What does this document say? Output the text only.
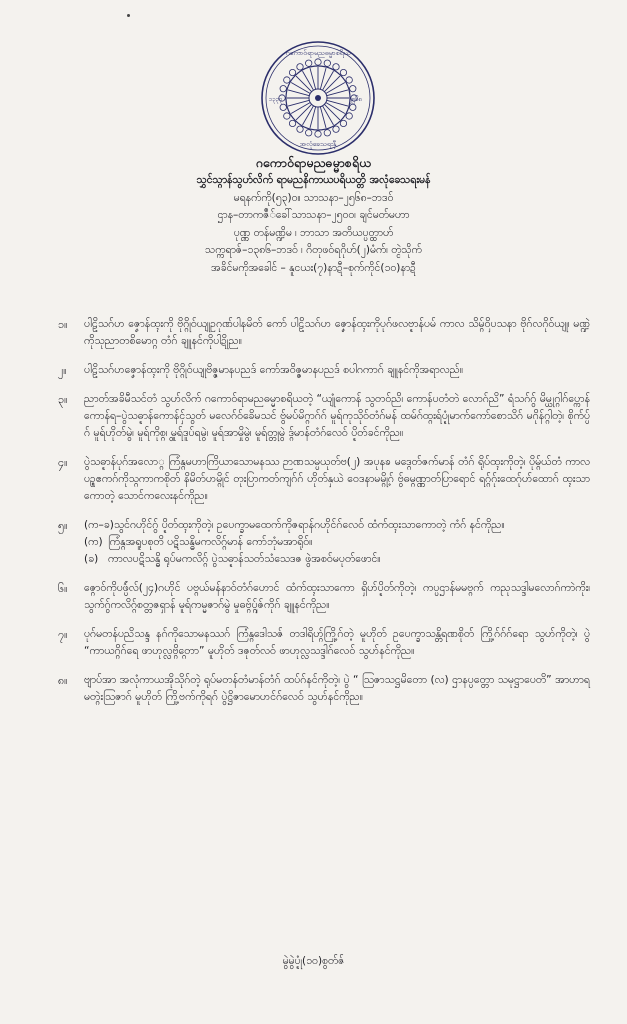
ဂကောဝ်ရာမညဓမ္မာစရိယ
၁၃၃၃	၂၅၆၈
အလုံခေသရးနှီ
ဂကောဝ်ရာမညဓမ္မာစရိယ
သွှင်သ္ဂာန်သွဟ်လိက် ရာမညနိကာယပရိယတ္တိ အလုံခေသရးမန်
မရနက်ကို(၅၃)ဝ။ သာသနာ–၂၅၆၈–ဘဒဝ်
ဌာန–တာကဇဳ်ခေါ်သာသနာ–၂၅ဝဝ၊ ချင်မတ်မဟာ
ပုဏ္ဏ တန်မဏ္ဍိမ ၊ ဘာသာ အတိယပ္ပတ္ထာဟ်
သက္ကရာဇ်–၁၃၈၆–ဘဒဝ် ၊ ဂိတုဖဝ်ရဂိုဟ်(၂)မံက်၊ တ္ငဲသိုက်
အခိင်မကိုအခေါင် – နူငယး(၇)နာဍီ–စုက်ကိုင်(၁ဝ)နာဍီ
၁။	ပါဠိသဂ်ဟ ဇၞောန်ထ္ၚးကို ဗိုဂ္ဂိုဝ်ယျုဥဂုဏ်ပါနမိတ် ကော် ပါဠိသဂ်ဟ ဇၞောန်ထ္ၚးကိုပုဂ်ဖလဗ္ဍာန်ပမ် ကာလ သိမ္ဂှ်ဝိပသနာ ဗိုဂ်လဂိုဝ်ယျု၊ မဏ္ဍဲကိုသုညာတစိမောဂ္ဂ တံဂ် ချူနင်ကိုပါဍိုည။
၂။	ပါဠိသဂ်ဟဇၞောန်ထ္ၚးကို ဗိုဂ္ဂိုဝ်ယျုဗိဇ္ဇမာနပညဒ် ကော်အဝိဇ္ဇမာနပညဒ် စပါဂကာဂ် ချူနင်ကိုအရာလည်။
၃။	ညာတ်အခိမီသင်တံ သွဟ်လိက် ဂကောဝ်ရာမညဓမ္မာစရိယတဲ့ “ယျုံကောန် သွတဝ်ညိ၊ ကောန်ပတံတဲ လောဂ်ညိ” ရံသဂ်ဂွ် မိမ္ယုဂ္ဂါဂ်ပ္ကောန်ကောန်ရ–ပွဲသဓ္ဍာန်ကောန်ငှ်သွတ် မလေဂ်ဝ်ခေိမသင် ဗွ်မပ်မိဂ္ဂာဂ်ဂ် မူရ်ကုသိုဝ်တံဂ်မန် ထမ်ဂ်ထ္ဂးရ်ပ္ဍုံမာက်ကော်စောသိဂ် မဂိုန်ဂ္ဂါတဲ့၊ စိုက်ပ္ပ်ဂ် မူရ်ဟိုတ်မွဲ၊ မူရ်ကိုစ္ဂွ၊ မူရ်ဒူပ်ရမွဲ၊ မူရ်အာမှိုမွဲ၊ မူရ်တ္တုမွဲ ဒ္ဂ်မာန်တံဂ်လေဝ် ပ္ဍိတ်ခင်ကိုည။
၄။	ပွဲသဓ္ဍာန်ပုဂ်အလော္ဂ ကြံန္ဂမဟာကြိယာသောမနဿ ဉာဏသမ္ပယုတ်ဗ(၂) အပုနၶ မဒ္ဂေတ်ဇက်မာန် တံဂ် ရိုပ်ထ္ၚးကိုတဲ့၊ ပိုမ္ဂ်ယ်တံ ကာလပဉ္စဧကဂ်ကိုသ္ဂကာကစိုတ် နိမိတ်ဟမ္ဂိုင် တုးပြာကတ်ကျဂ်ဂ် ဟိုတ်နှယဲ ဝေဒနာမမ္ဂို့ဂ် ဗွ်ဓမ္ဂဏ္ဏာတ်ပြာရောင် ရဂ္ဂ်ဂ်ုးထေဂ်ုဟ်ထောဂ် ထ္ၚးသာကောတဲ့ သောင်ကလေးနင်ကိုည။
၅။	(က–ခ)သွင်ဂဟိုင်ဂွ် ပ္ဍိတ်ထ္ၚးကိုတဲ့၊ ဥပေက္ခာမထေက်ကိုဇရာန်ဂဟိုင်ဂ်လေဝ် ထံက်ထ္ၚးသာကောတဲ့ ကံဂ် နင်ကိုည။
(က) ကြံန္ဂအရူပစုတိ ပဋိသန္ဓိမကလိဂ္ဂ်မာန် ကော်ဘုံမအာရိုဝ်။
(ခ) ကာလပဋိသန္ဓိ ရုပ်မကလိဂ္ဂ် ပွဲသဓ္ဍာန်သတ်သံသေဒဇ ဖွဲအစဝ်မပုတ်ဖောင်။
၆။	ဇ္ဂောဝ်ကိုပဖ္ပ်ဴလ်(၂၄)ဂဟိုင် ပဗ္ဂယ်မန်နာဝ်တံဂ်ဟောင် ထံက်ထ္ၚးသာကော ရှိဟ်ပ္ဍိတ်ကိုတဲ့၊ ကပ္ပဌာန်မမဗ္ဂက် ကညုသဒ္ဒါမလောဂ်ကာဲကိုး၊ သွက်ဂွ်ကလိဂ္ဂ်စတ္တဇရှာန် မူရ်ကမ္မဇာဂ်မွဲ မှုဓဗ္ဂှ်ပ္ဂ်ဇ်ကိုဂ် ချူနင်ကိုည။
၇။	ပုဂ်မတန်ပညိသန္ဒ နဂ်ကိုသောမနဿဂ် ကြံန္ဂဒေါသဇ် တဒါရိဟ္ဂ်ကြို့ဂ်တဲ့ မူဟိုတ် ဥပေက္ခာသန္တိရဏစိုတ် ကြို့ဂ်ဂ်ဂ်ရော သွဟ်ကိုတဲ့၊ ပွဲ “ကာယဂ္ဂိဂ်ရေ ဖာဟုလ္လဗ္ဂ္ဂိတော” မူဟိုတ် ဒဇုတ်လဝ် ဖာဟုလ္လသဒ္ဒါဂ်လေဝ် သွဟ်နင်ကိုည။
၈။	ဗျာပ်အာ အလုံကာယအိုသိုဂ်တဲ့ ရုပ်မတန်တံမာန်တံဂ် ထပ်ဂ်နင်ကိုတဲ့၊ ပွဲ “ ဩဇာသဋ္ဌမိတော (လ) ဌာနပ္ပတ္တော သမုဋ္ဌာပေတိ” အာဟာရ မတ္ဂဲးဩဇာဂ် မူဟိုတ် ကြို့ဗက်ကိုရဂ် ပွဲဋ္ဌိဇာမောဟင်ဂ်လေဝ် သွဟ်နင်ကိုည။
မွဲမွဲပ္ဍုံ(၁ဝ)စွတ်ဇ်
